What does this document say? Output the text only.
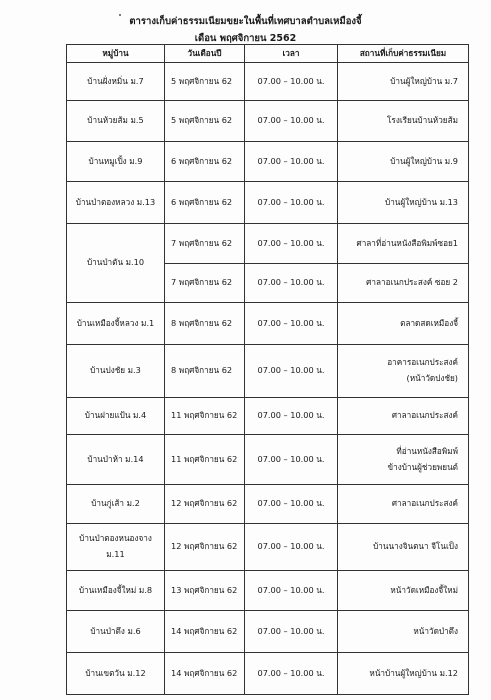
ตารางเก็บค่าธรรมเนียมขยะในพื้นที่เทศบาลตำบลเหมืองจี้
เดือน พฤศจิกายน 2562
หมู่บ้าน	วันเดือนปี	เวลา	สถานที่เก็บค่าธรรมเนียม
บ้านฝั่งหมิ่น ม.7	5 พฤศจิกายน 62	07.00 – 10.00 น.	บ้านผู้ใหญ่บ้าน ม.7
บ้านห้วยส้ม ม.5	5 พฤศจิกายน 62	07.00 – 10.00 น.	โรงเรียนบ้านห้วยส้ม
บ้านหมูเปิ้ง ม.9	6 พฤศจิกายน 62	07.00 – 10.00 น.	บ้านผู้ใหญ่บ้าน ม.9
บ้านป่าตองหลวง ม.13	6 พฤศจิกายน 62	07.00 – 10.00 น.	บ้านผู้ใหญ่บ้าน ม.13
บ้านป่าตัน ม.10	7 พฤศจิกายน 62	07.00 – 10.00 น.	ศาลาที่อ่านหนังสือพิมพ์ซอย1
	7 พฤศจิกายน 62	07.00 – 10.00 น.	ศาลาอเนกประสงค์ ซอย 2
บ้านเหมืองจี้หลวง ม.1	8 พฤศจิกายน 62	07.00 – 10.00 น.	ตลาดสดเหมืองจี้
บ้านปงชัย ม.3	8 พฤศจิกายน 62	07.00 – 10.00 น.	อาคารอเนกประสงค์
(หน้าวัดปงชัย)

บ้านฝายแป้น ม.4	11 พฤศจิกายน 62	07.00 – 10.00 น.	ศาลาอเนกประสงค์
บ้านป่าห้า ม.14	11 พฤศจิกายน 62	07.00 – 10.00 น.	ที่อ่านหนังสือพิมพ์
ข้างบ้านผู้ช่วยพยนต์

บ้านกู่เส้า ม.2	12 พฤศจิกายน 62	07.00 – 10.00 น.	ศาลาอเนกประสงค์

บ้านป่าตองหนองจาง
ม.11	12 พฤศจิกายน 62	07.00 – 10.00 น.	บ้านนางจินตนา จีโนเป็ง
บ้านเหมืองจี้ใหม่ ม.8	13 พฤศจิกายน 62	07.00 – 10.00 น.	หน้าวัดเหมืองจี้ใหม่
บ้านป่าตึง ม.6	14 พฤศจิกายน 62	07.00 – 10.00 น.	หน้าวัดป่าตึง
บ้านเขตวัน ม.12	14 พฤศจิกายน 62	07.00 – 10.00 น.	หน้าบ้านผู้ใหญ่บ้าน ม.12
